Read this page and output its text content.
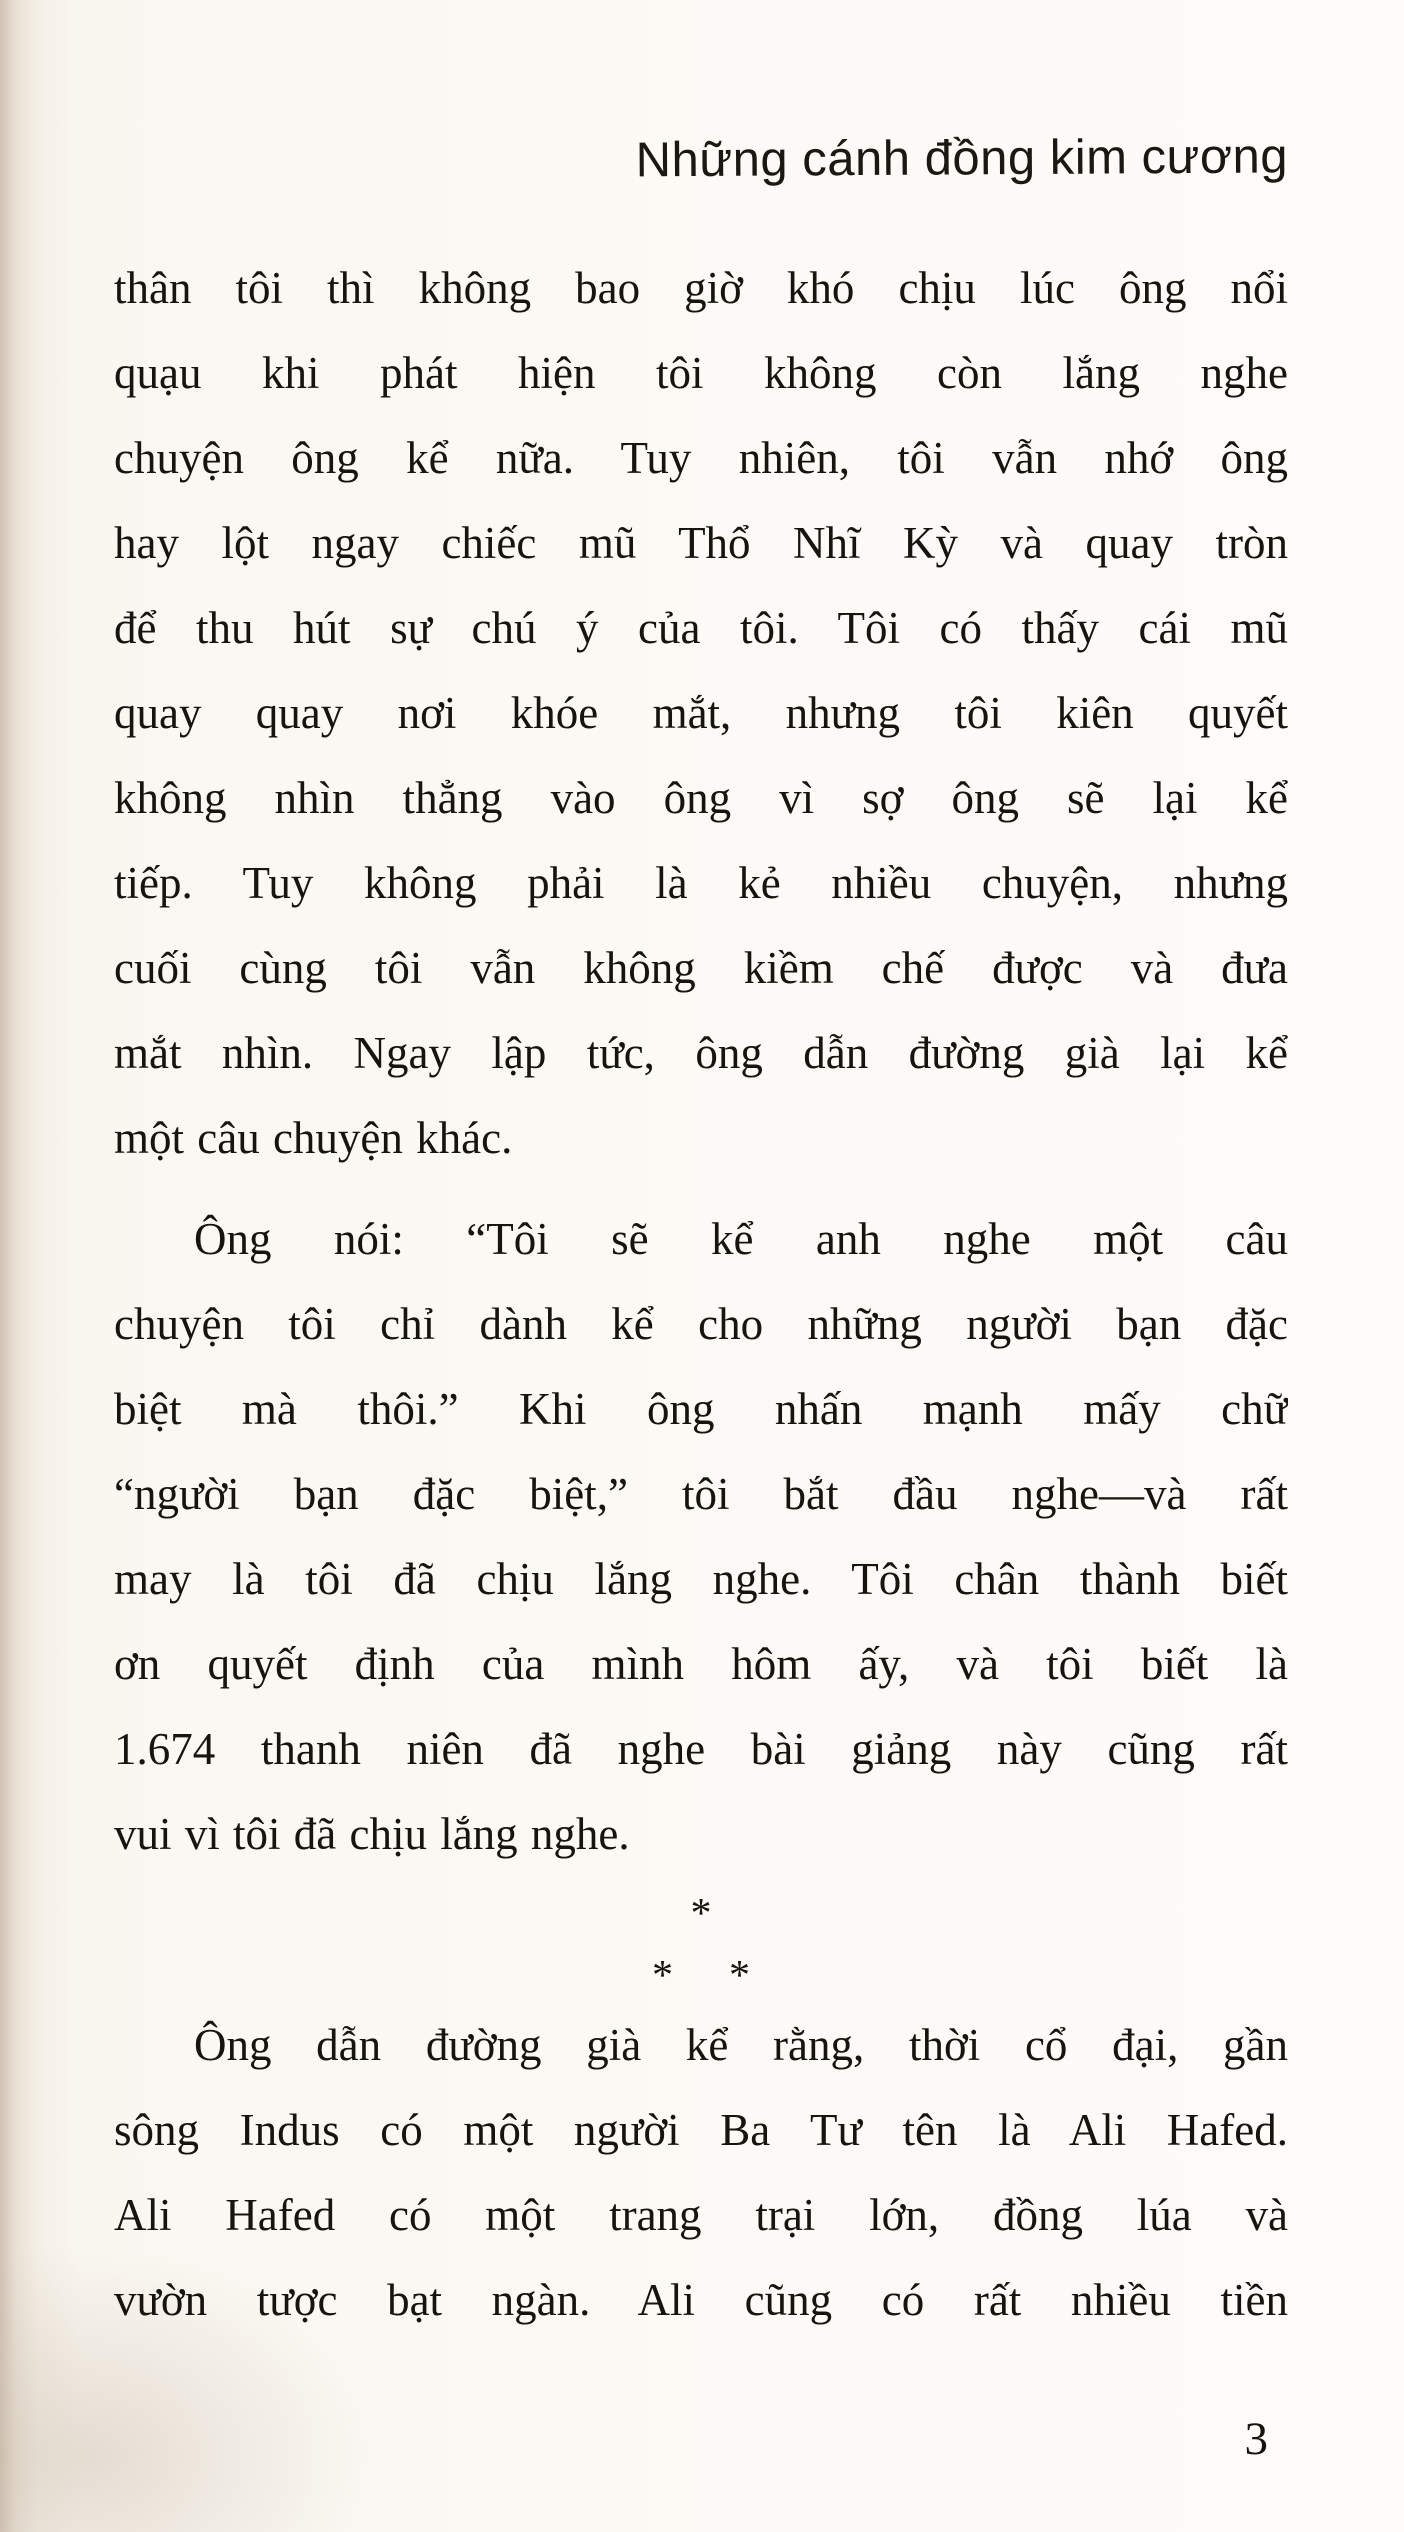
Những cánh đồng kim cương
thân tôi thì không bao giờ khó chịu lúc ông nổi
quạu khi phát hiện tôi không còn lắng nghe
chuyện ông kể nữa. Tuy nhiên, tôi vẫn nhớ ông
hay lột ngay chiếc mũ Thổ Nhĩ Kỳ và quay tròn
để thu hút sự chú ý của tôi. Tôi có thấy cái mũ
quay quay nơi khóe mắt, nhưng tôi kiên quyết
không nhìn thẳng vào ông vì sợ ông sẽ lại kể
tiếp. Tuy không phải là kẻ nhiều chuyện, nhưng
cuối cùng tôi vẫn không kiềm chế được và đưa
mắt nhìn. Ngay lập tức, ông dẫn đường già lại kể
một câu chuyện khác.
Ông nói: “Tôi sẽ kể anh nghe một câu
chuyện tôi chỉ dành kể cho những người bạn đặc
biệt mà thôi.” Khi ông nhấn mạnh mấy chữ
“người bạn đặc biệt,” tôi bắt đầu nghe—và rất
may là tôi đã chịu lắng nghe. Tôi chân thành biết
ơn quyết định của mình hôm ấy, và tôi biết là
1.674 thanh niên đã nghe bài giảng này cũng rất
vui vì tôi đã chịu lắng nghe.
*
* *
Ông dẫn đường già kể rằng, thời cổ đại, gần
sông Indus có một người Ba Tư tên là Ali Hafed.
Ali Hafed có một trang trại lớn, đồng lúa và
vườn tược bạt ngàn. Ali cũng có rất nhiều tiền
3
